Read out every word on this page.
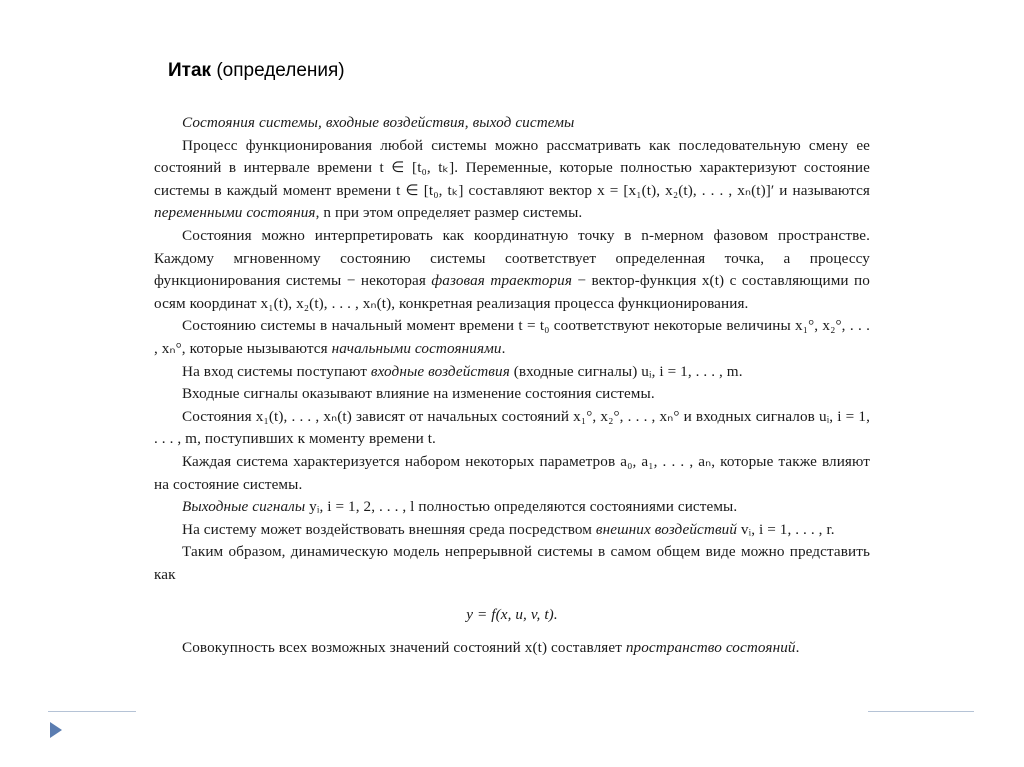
Итак (определения)

Состояния системы, входные воздействия, выход системы

Процесс функционирования любой системы можно рассматривать как последовательную смену ее состояний в интервале времени t ∈ [t₀, tₖ]. Переменные, которые полностью характеризуют состояние системы в каждый момент времени t ∈ [t₀, tₖ] составляют вектор x = [x₁(t), x₂(t), . . . , xₙ(t)]′ и называются переменными состояния, n при этом определяет размер системы.

Состояния можно интерпретировать как координатную точку в n-мерном фазовом пространстве. Каждому мгновенному состоянию системы соответствует определенная точка, а процессу функционирования системы − некоторая фазовая траектория − вектор-функция x(t) с составляющими по осям координат x₁(t), x₂(t), . . . , xₙ(t), конкретная реализация процесса функционирования.

Состоянию системы в начальный момент времени t = t₀ соответствуют некоторые величины x₁°, x₂°, . . . , xₙ°, которые нызываются начальными состояниями.

На вход системы поступают входные воздействия (входные сигналы) uᵢ, i = 1, . . . , m.

Входные сигналы оказывают влияние на изменение состояния системы.

Состояния x₁(t), . . . , xₙ(t) зависят от начальных состояний x₁°, x₂°, . . . , xₙ° и входных сигналов uᵢ, i = 1, . . . , m, поступивших к моменту времени t.

Каждая система характеризуется набором некоторых параметров a₀, a₁, . . . , aₙ, которые также влияют на состояние системы.

Выходные сигналы yᵢ, i = 1, 2, . . . , l полностью определяются состояниями системы.

На систему может воздействовать внешняя среда посредством внешних воздействий vᵢ, i = 1, . . . , r.

Таким образом, динамическую модель непрерывной системы в самом общем виде можно представить как

y = f(x, u, v, t).

Совокупность всех возможных значений состояний x(t) составляет пространство состояний.
